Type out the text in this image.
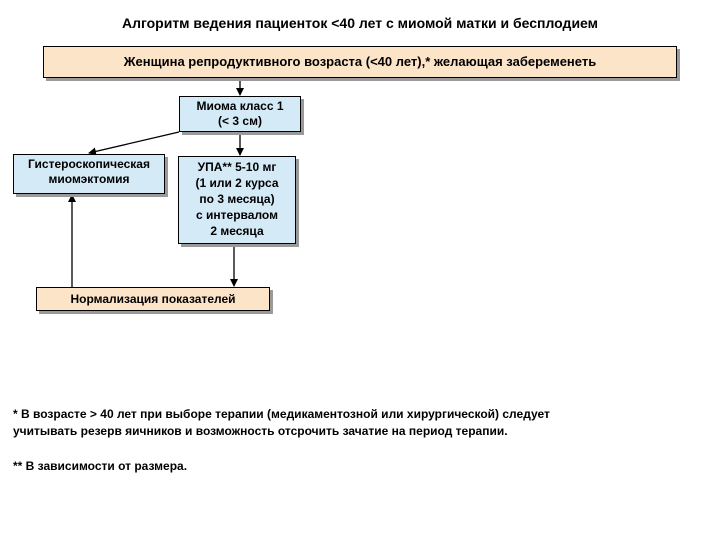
Алгоритм ведения пациенток <40 лет с миомой матки и бесплодием
Женщина репродуктивного возраста (<40 лет),* желающая забеременеть
Миома класс 1
(< 3 см)
Гистероскопическая
миомэктомия
УПА** 5-10 мг
(1 или 2 курса
по 3 месяца)
с интервалом
2 месяца
Нормализация показателей
* В возрасте > 40 лет при выборе терапии (медикаментозной или хирургической) следует
учитывать резерв яичников и возможность отсрочить зачатие на период терапии.
** В зависимости от размера.
